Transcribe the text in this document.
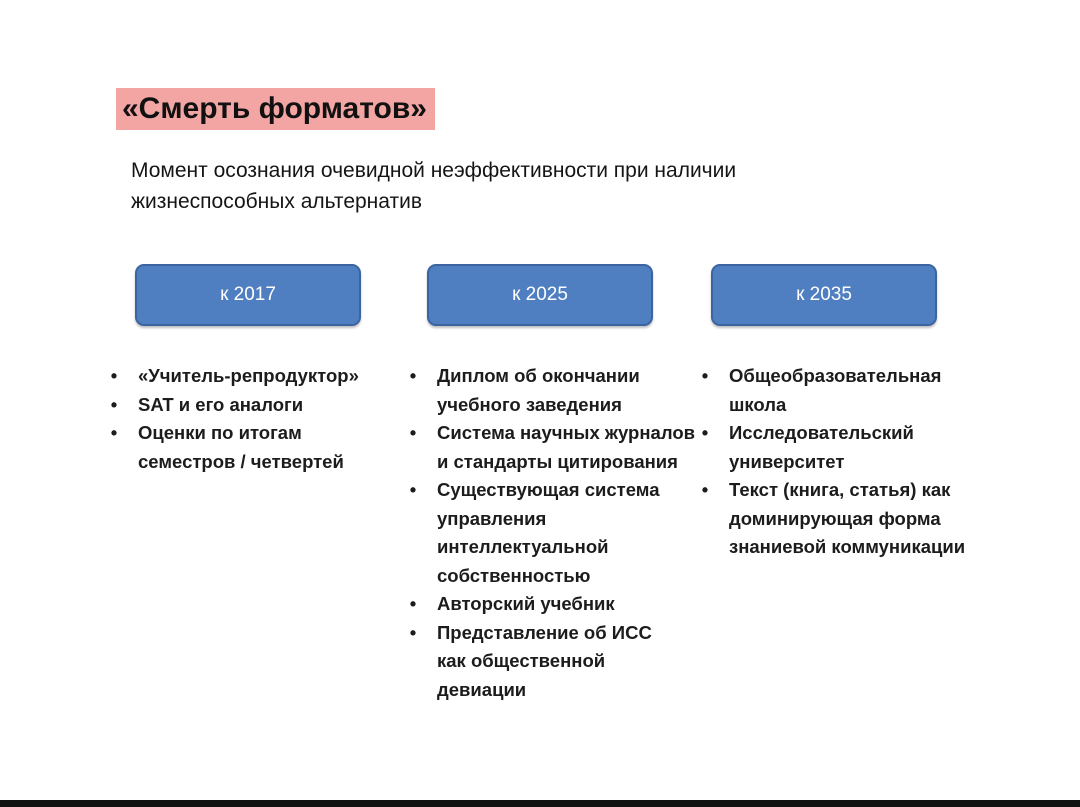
«Смерть форматов»
Момент осознания очевидной неэффективности при наличии жизнеспособных альтернатив
к 2017	к 2025	к 2035
• «Учитель-репродуктор»
• SAT и его аналоги
• Оценки по итогам семестров / четвертей
• Диплом об окончании учебного заведения
• Система научных журналов и стандарты цитирования
• Существующая система управления интеллектуальной собственностью
• Авторский учебник
• Представление об ИСС как общественной девиации
• Общеобразовательная школа
• Исследовательский университет
• Текст (книга, статья) как доминирующая форма знаниевой коммуникации
